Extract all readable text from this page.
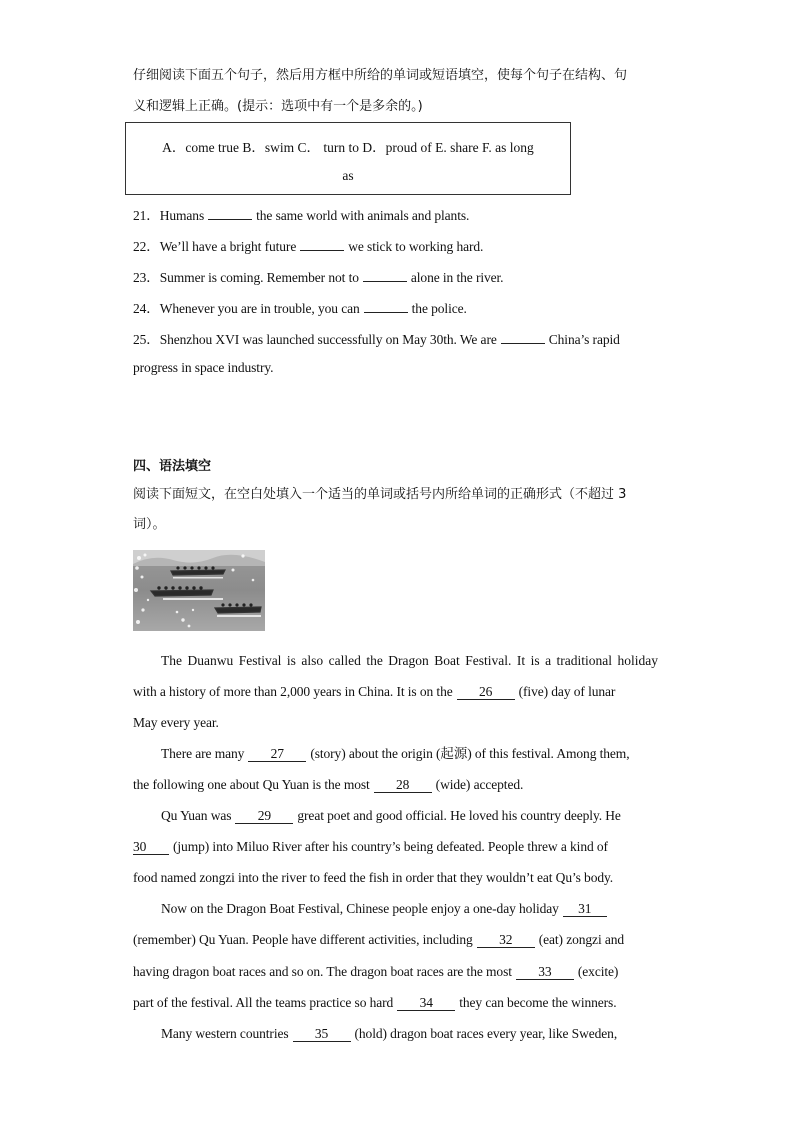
仔细阅读下面五个句子，然后用方框中所给的单词或短语填空，使每个句子在结构、句
义和逻辑上正确。(提示：选项中有一个是多余的。)
A．come true B．swim C． turn to D．proud of E. share F. as long
as
21．Humans	the same world with animals and plants.
22．We’ll have a bright future	we stick to working hard.
23．Summer is coming. Remember not to	alone in the river.
24．Whenever you are in trouble, you can	the police.
25．Shenzhou XVI was launched successfully on May 30th. We are	China’s rapid
progress in space industry.
四、语法填空
阅读下面短文，在空白处填入一个适当的单词或括号内所给单词的正确形式（不超过 3
词）。
The Duanwu Festival is also called the Dragon Boat Festival. It is a traditional holiday
with a history of more than 2,000 years in China. It is on the 26 (five) day of lunar
May every year.
There are many 27 (story) about the origin (起源) of this festival. Among them,
the following one about Qu Yuan is the most 28 (wide) accepted.
Qu Yuan was 29 great poet and good official. He loved his country deeply. He
30 (jump) into Miluo River after his country’s being defeated. People threw a kind of
food named zongzi into the river to feed the fish in order that they wouldn’t eat Qu’s body.
Now on the Dragon Boat Festival, Chinese people enjoy a one-day holiday 31
(remember) Qu Yuan. People have different activities, including 32 (eat) zongzi and
having dragon boat races and so on. The dragon boat races are the most 33 (excite)
part of the festival. All the teams practice so hard 34 they can become the winners.
Many western countries 35 (hold) dragon boat races every year, like Sweden,
